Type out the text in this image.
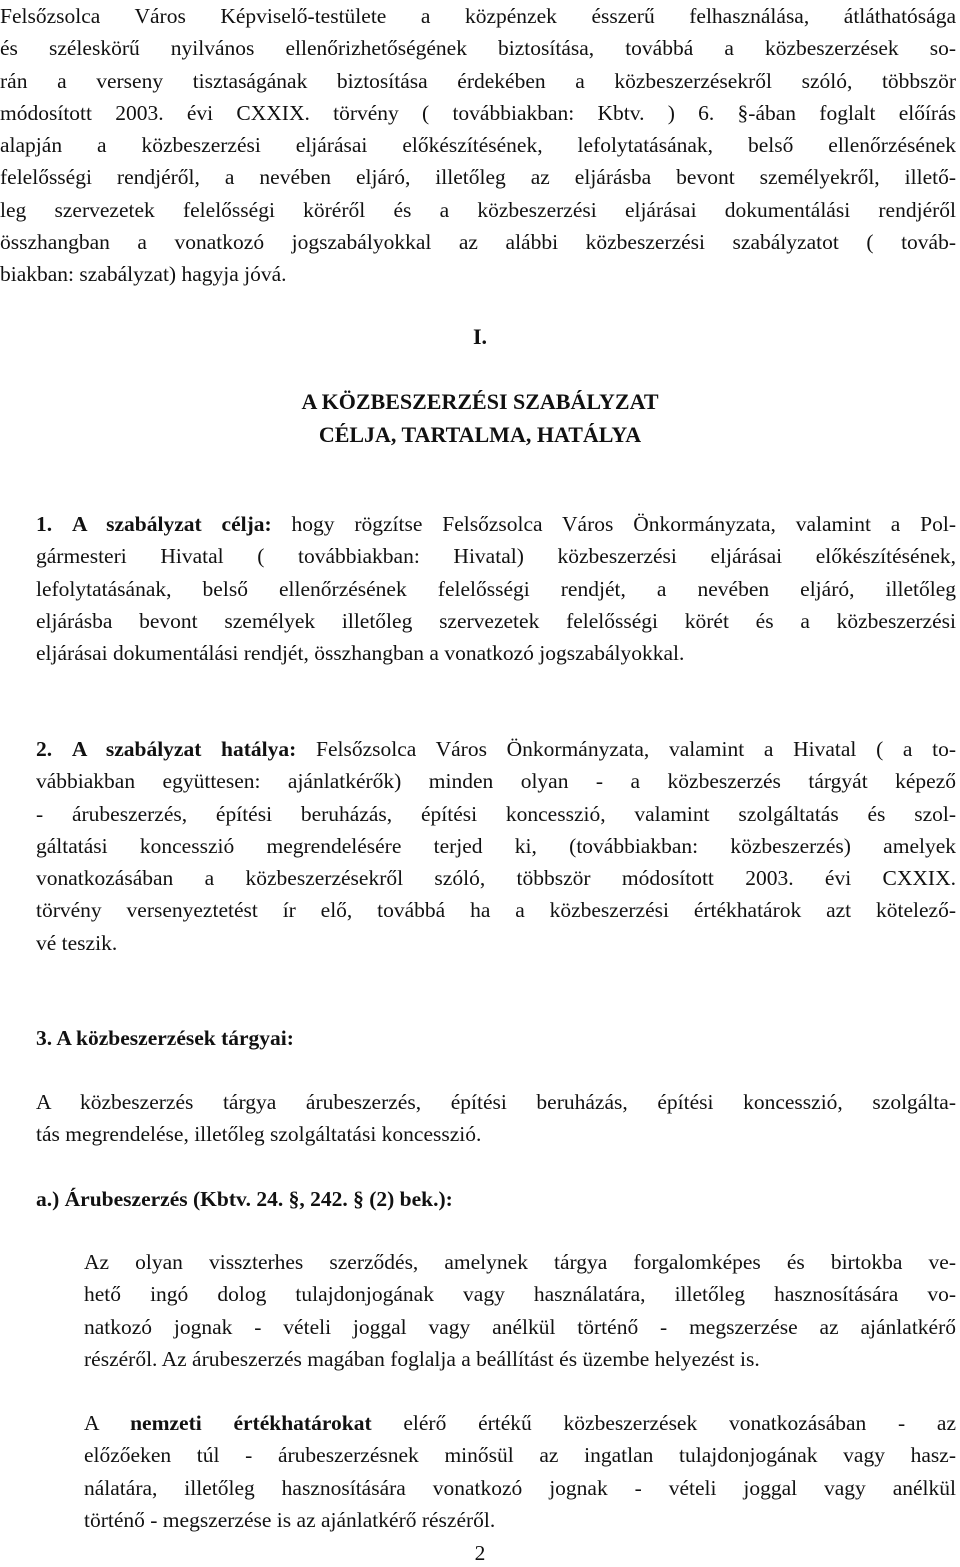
Felsőzsolca Város Képviselő-testülete a közpénzek ésszerű felhasználása, átláthatósága
és széleskörű nyilvános ellenőrizhetőségének biztosítása, továbbá a közbeszerzések so-
rán a verseny tisztaságának biztosítása érdekében a közbeszerzésekről szóló, többször
módosított 2003. évi CXXIX. törvény ( továbbiakban: Kbtv. ) 6. §-ában foglalt előírás
alapján a közbeszerzési eljárásai előkészítésének, lefolytatásának, belső ellenőrzésének
felelősségi rendjéről, a nevében eljáró, illetőleg az eljárásba bevont személyekről, illető-
leg szervezetek felelősségi köréről és a közbeszerzési eljárásai dokumentálási rendjéről
összhangban a vonatkozó jogszabályokkal az alábbi közbeszerzési szabályzatot ( továb-
biakban: szabályzat) hagyja jóvá.
I.
A KÖZBESZERZÉSI SZABÁLYZAT
CÉLJA, TARTALMA, HATÁLYA
1. A szabályzat célja: hogy rögzítse Felsőzsolca Város Önkormányzata, valamint a Pol-
gármesteri Hivatal ( továbbiakban: Hivatal) közbeszerzési eljárásai előkészítésének,
lefolytatásának, belső ellenőrzésének felelősségi rendjét, a nevében eljáró, illetőleg
eljárásba bevont személyek illetőleg szervezetek felelősségi körét és a közbeszerzési
eljárásai dokumentálási rendjét, összhangban a vonatkozó jogszabályokkal.
2. A szabályzat hatálya: Felsőzsolca Város Önkormányzata, valamint a Hivatal ( a to-
vábbiakban együttesen: ajánlatkérők) minden olyan - a közbeszerzés tárgyát képező
- árubeszerzés, építési beruházás, építési koncesszió, valamint szolgáltatás és szol-
gáltatási koncesszió megrendelésére terjed ki, (továbbiakban: közbeszerzés) amelyek
vonatkozásában a közbeszerzésekről szóló, többször módosított 2003. évi CXXIX.
törvény versenyeztetést ír elő, továbbá ha a közbeszerzési értékhatárok azt kötelező-
vé teszik.
3. A közbeszerzések tárgyai:
A közbeszerzés tárgya árubeszerzés, építési beruházás, építési koncesszió, szolgálta-
tás megrendelése, illetőleg szolgáltatási koncesszió.
a.) Árubeszerzés (Kbtv. 24. §, 242. § (2) bek.):
Az olyan visszterhes szerződés, amelynek tárgya forgalomképes és birtokba ve-
hető ingó dolog tulajdonjogának vagy használatára, illetőleg hasznosítására vo-
natkozó jognak - vételi joggal vagy anélkül történő - megszerzése az ajánlatkérő
részéről. Az árubeszerzés magában foglalja a beállítást és üzembe helyezést is.
A nemzeti értékhatárokat elérő értékű közbeszerzések vonatkozásában - az
előzőeken túl - árubeszerzésnek minősül az ingatlan tulajdonjogának vagy hasz-
nálatára, illetőleg hasznosítására vonatkozó jognak - vételi joggal vagy anélkül
történő - megszerzése is az ajánlatkérő részéről.
2
